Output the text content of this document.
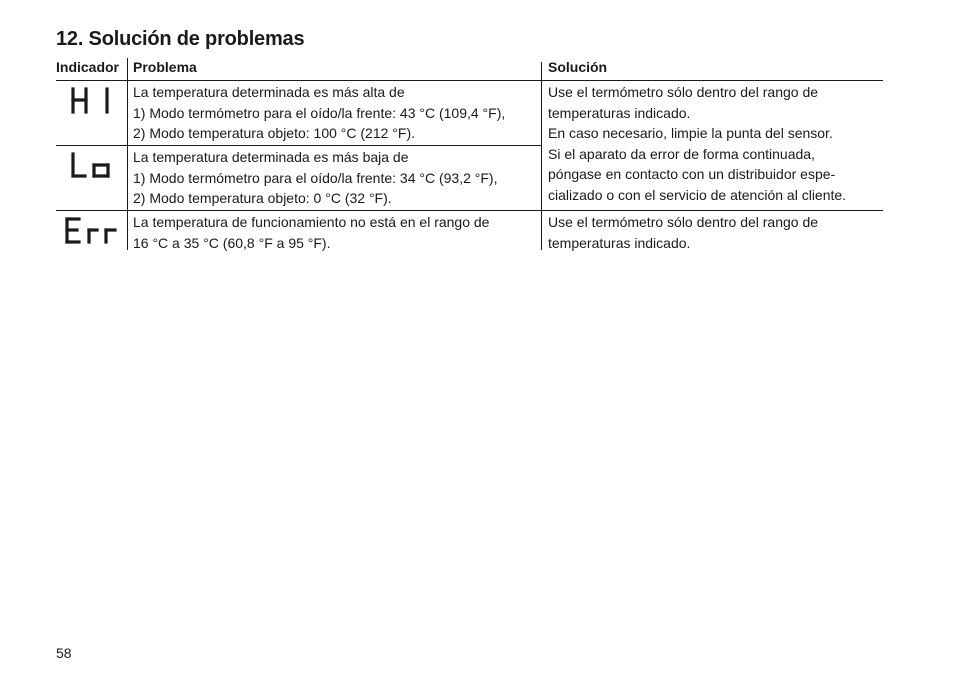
12. Solución de problemas
Indicador Problema	Solución
La temperatura determinada es más alta de
1) Modo termómetro para el oído/la frente: 43 °C (109,4 °F),
2) Modo temperatura objeto: 100 °C (212 °F).
La temperatura determinada es más baja de
1) Modo termómetro para el oído/la frente: 34 °C (93,2 °F),
2) Modo temperatura objeto: 0 °C (32 °F).
La temperatura de funcionamiento no está en el rango de
16 °C a 35 °C (60,8 °F a 95 °F).
Use el termómetro sólo dentro del rango de
temperaturas indicado.
En caso necesario, limpie la punta del sensor.
Si el aparato da error de forma continuada,
póngase en contacto con un distribuidor espe-
cializado o con el servicio de atención al cliente.
Use el termómetro sólo dentro del rango de
temperaturas indicado.
58
